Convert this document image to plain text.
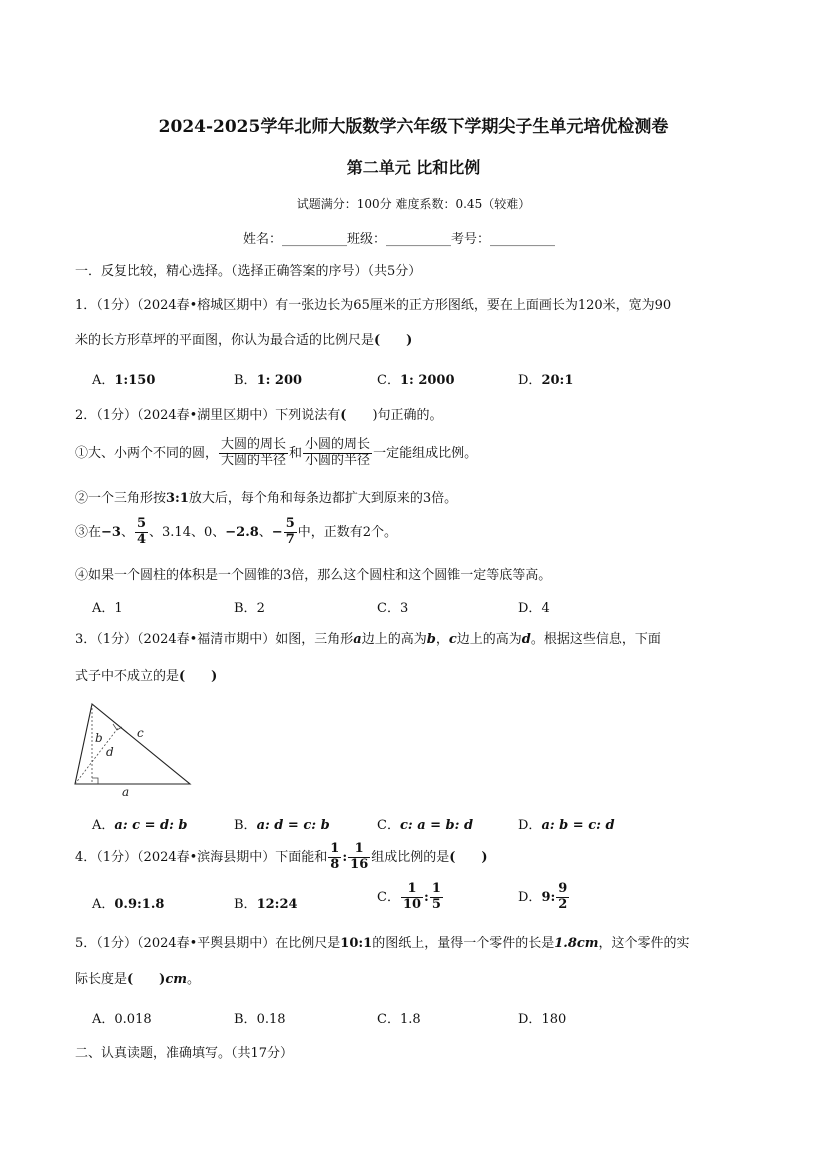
2024-2025学年北师大版数学六年级下学期尖子生单元培优检测卷
第二单元 比和比例
试题满分：100分 难度系数：0.45（较难）
姓名：__________班级：__________考号：__________
一．反复比较，精心选择。（选择正确答案的序号）（共5分）
1．（1分）（2024春•榕城区期中）有一张边长为65厘米的正方形图纸，要在上面画长为120米，宽为90
米的长方形草坪的平面图，你认为最合适的比例尺是( )
A．1:150	B．1: 200	C．1: 2000	D．20:1
2．（1分）（2024春•湖里区期中）下列说法有( )句正确的。
①大、小两个不同的圆， $\frac{\text{大圆的周长}}{\text{大圆的半径}}$ 和 $\frac{\text{小圆的周长}}{\text{小圆的半径}}$ 一定能组成比例。
②一个三角形按3:1放大后，每个角和每条边都扩大到原来的3倍。
③在−3、 $\frac{5}{4}$ 、3.14、0、−2.8、− $\frac{5}{7}$ 中，正数有2个。
④如果一个圆柱的体积是一个圆锥的3倍，那么这个圆柱和这个圆锥一定等底等高。
A．1	B．2	C．3	D．4
3．（1分）（2024春•福清市期中）如图，三角形a边上的高为b，c边上的高为d。根据这些信息，下面
式子中不成立的是( )
b
d
c
a
A．a: c = d: b	B．a: d = c: b	C．c: a = b: d	D．a: b = c: d
4．（1分）（2024春•滨海县期中）下面能和 $\frac{1}{8}$ : $\frac{1}{16}$ 组成比例的是( )
A．0.9:1.8	B．12:24	C． $\frac{1}{10}$ : $\frac{1}{5}$	D．9: $\frac{9}{2}$
5．（1分）（2024春•平舆县期中）在比例尺是10:1的图纸上，量得一个零件的长是1.8cm，这个零件的实
际长度是( )cm。
A．0.018	B．0.18	C．1.8	D．180
二、认真读题，准确填写。（共17分）
